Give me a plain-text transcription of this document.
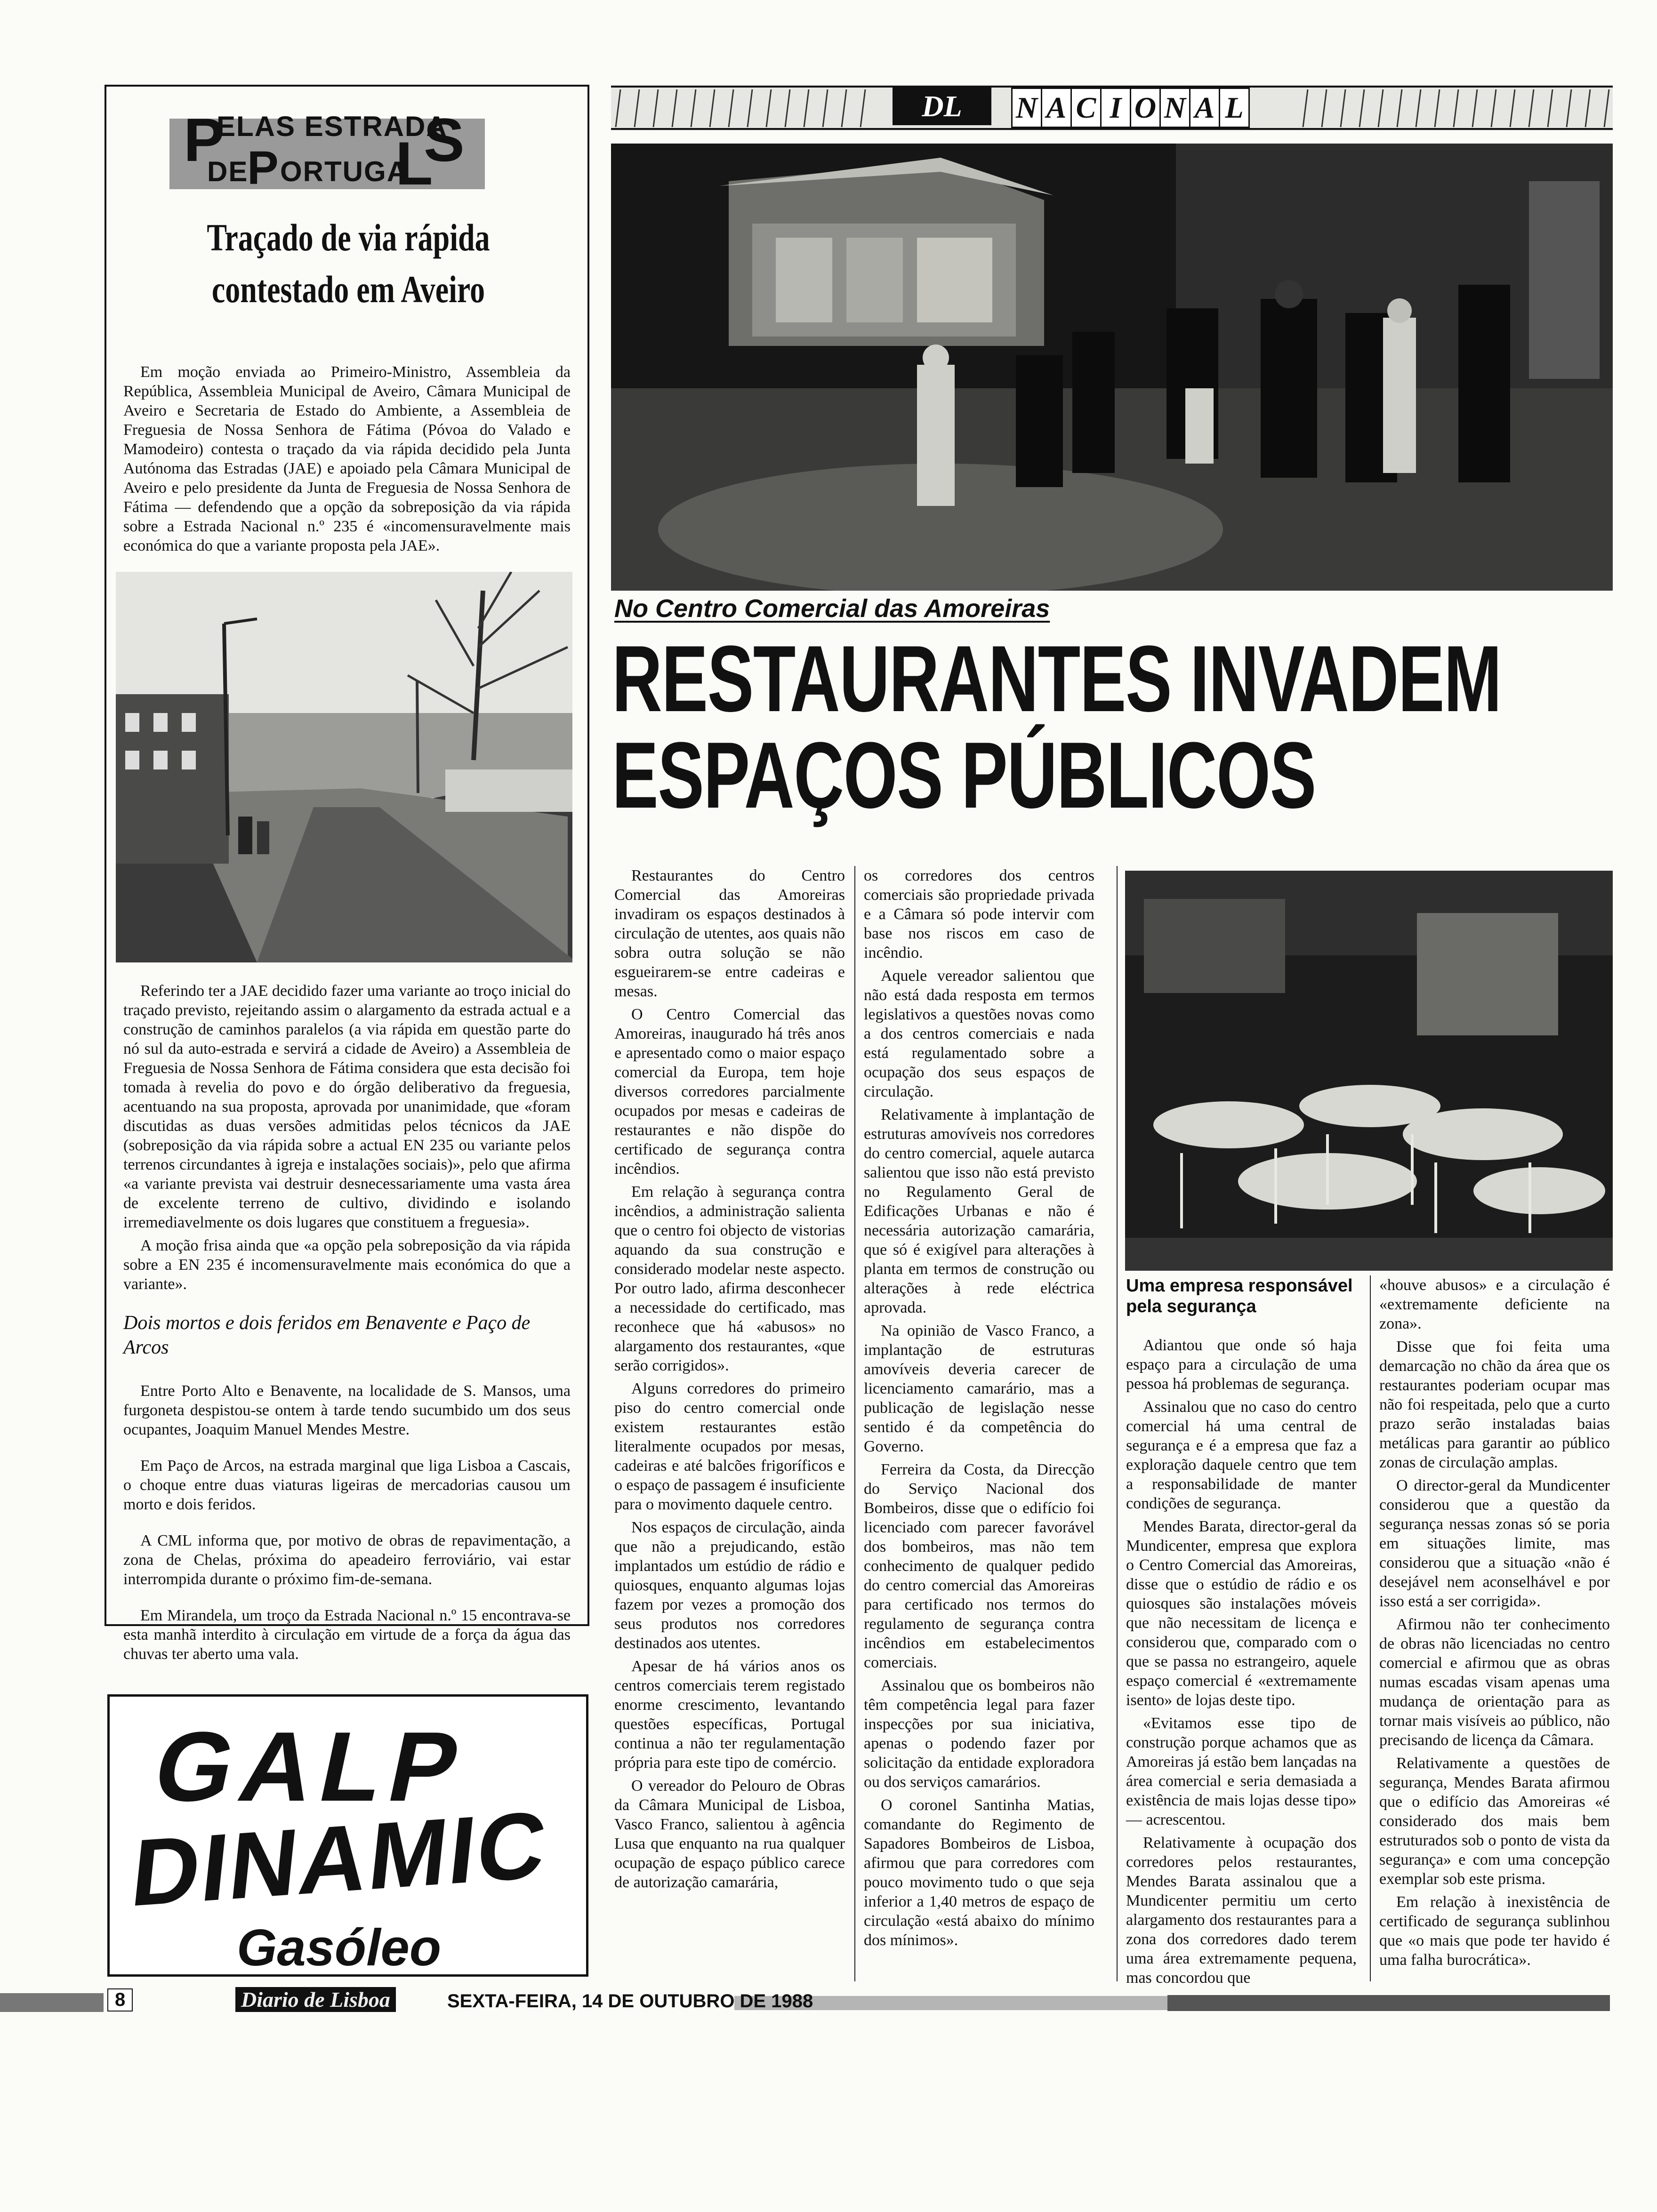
P
ELAS ESTRADA
S
DE
P ORTUGA
L
Traçado de via rápida contestado em Aveiro
Em moção enviada ao Primeiro-Ministro, Assembleia da República, Assembleia Municipal de Aveiro, Câmara Municipal de Aveiro e Secretaria de Estado do Ambiente, a Assembleia de Freguesia de Nossa Senhora de Fátima (Póvoa do Valado e Mamodeiro) contesta o traçado da via rápida decidido pela Junta Autónoma das Estradas (JAE) e apoiado pela Câmara Municipal de Aveiro e pelo presidente da Junta de Freguesia de Nossa Senhora de Fátima — defendendo que a opção da sobreposição da via rápida sobre a Estrada Nacional n.º 235 é «incomensuravelmente mais económica do que a variante proposta pela JAE».

Referindo ter a JAE decidido fazer uma variante ao troço inicial do traçado previsto, rejeitando assim o alargamento da estrada actual e a construção de caminhos paralelos (a via rápida em questão parte do nó sul da auto-estrada e servirá a cidade de Aveiro) a Assembleia de Freguesia de Nossa Senhora de Fátima considera que esta decisão foi tomada à revelia do povo e do órgão deliberativo da freguesia, acentuando na sua proposta, aprovada por unanimidade, que «foram discutidas as duas versões admitidas pelos técnicos da JAE (sobreposição da via rápida sobre a actual EN 235 ou variante pelos terrenos circundantes à igreja e instalações sociais)», pelo que afirma «a variante prevista vai destruir desnecessariamente uma vasta área de excelente terreno de cultivo, dividindo e isolando irremediavelmente os dois lugares que constituem a freguesia».

A moção frisa ainda que «a opção pela sobreposição da via rápida sobre a EN 235 é incomensuravelmente mais económica do que a variante».

Dois mortos e dois feridos em Benavente e Paço de Arcos

Entre Porto Alto e Benavente, na localidade de S. Mansos, uma furgoneta despistou-se ontem à tarde tendo sucumbido um dos seus ocupantes, Joaquim Manuel Mendes Mestre.

Em Paço de Arcos, na estrada marginal que liga Lisboa a Cascais, o choque entre duas viaturas ligeiras de mercadorias causou um morto e dois feridos.

A CML informa que, por motivo de obras de repavimentação, a zona de Chelas, próxima do apeadeiro ferroviário, vai estar interrompida durante o próximo fim-de-semana.

Em Mirandela, um troço da Estrada Nacional n.º 15 encontrava-se esta manhã interdito à circulação em virtude de a força da água das chuvas ter aberto uma vala.

GALP
DINAMIC
Gasóleo
8	Diario de Lisboa	SEXTA-FEIRA, 14 DE OUTUBRO DE 1988
DL	N A C I O N A L
No Centro Comercial das Amoreiras
RESTAURANTES INVADEM
ESPAÇOS PÚBLICOS

Restaurantes do Centro Comercial das Amoreiras invadiram os espaços destinados à circulação de utentes, aos quais não sobra outra solução se não esgueirarem-se entre cadeiras e mesas.

O Centro Comercial das Amoreiras, inaugurado há três anos e apresentado como o maior espaço comercial da Europa, tem hoje diversos corredores parcialmente ocupados por mesas e cadeiras de restaurantes e não dispõe do certificado de segurança contra incêndios.

Em relação à segurança contra incêndios, a administração salienta que o centro foi objecto de vistorias aquando da sua construção e considerado modelar neste aspecto. Por outro lado, afirma desconhecer a necessidade do certificado, mas reconhece que há «abusos» no alargamento dos restaurantes, «que serão corrigidos».

Alguns corredores do primeiro piso do centro comercial onde existem restaurantes estão literalmente ocupados por mesas, cadeiras e até balcões frigoríficos e o espaço de passagem é insuficiente para o movimento daquele centro.

Nos espaços de circulação, ainda que não a prejudicando, estão implantados um estúdio de rádio e quiosques, enquanto algumas lojas fazem por vezes a promoção dos seus produtos nos corredores destinados aos utentes.

Apesar de há vários anos os centros comerciais terem registado enorme crescimento, levantando questões específicas, Portugal continua a não ter regulamentação própria para este tipo de comércio.

O vereador do Pelouro de Obras da Câmara Municipal de Lisboa, Vasco Franco, salientou à agência Lusa que enquanto na rua qualquer ocupação de espaço público carece de autorização camarária,

os corredores dos centros comerciais são propriedade privada e a Câmara só pode intervir com base nos riscos em caso de incêndio.

Aquele vereador salientou que não está dada resposta em termos legislativos a questões novas como a dos centros comerciais e nada está regulamentado sobre a ocupação dos seus espaços de circulação.

Relativamente à implantação de estruturas amovíveis nos corredores do centro comercial, aquele autarca salientou que isso não está previsto no Regulamento Geral de Edificações Urbanas e não é necessária autorização camarária, que só é exigível para alterações à planta em termos de construção ou alterações à rede eléctrica aprovada.

Na opinião de Vasco Franco, a implantação de estruturas amovíveis deveria carecer de licenciamento camarário, mas a publicação de legislação nesse sentido é da competência do Governo.

Ferreira da Costa, da Direcção do Serviço Nacional dos Bombeiros, disse que o edifício foi licenciado com parecer favorável dos bombeiros, mas não tem conhecimento de qualquer pedido do centro comercial das Amoreiras para certificado nos termos do regulamento de segurança contra incêndios em estabelecimentos comerciais.

Assinalou que os bombeiros não têm competência legal para fazer inspecções por sua iniciativa, apenas o podendo fazer por solicitação da entidade exploradora ou dos serviços camarários.

O coronel Santinha Matias, comandante do Regimento de Sapadores Bombeiros de Lisboa, afirmou que para corredores com pouco movimento tudo o que seja inferior a 1,40 metros de espaço de circulação «está abaixo do mínimo dos mínimos».

Uma empresa responsável pela segurança

Adiantou que onde só haja espaço para a circulação de uma pessoa há problemas de segurança.

Assinalou que no caso do centro comercial há uma central de segurança e é a empresa que faz a exploração daquele centro que tem a responsabilidade de manter condições de segurança.

Mendes Barata, director-geral da Mundicenter, empresa que explora o Centro Comercial das Amoreiras, disse que o estúdio de rádio e os quiosques são instalações móveis que não necessitam de licença e considerou que, comparado com o que se passa no estrangeiro, aquele espaço comercial é «extremamente isento» de lojas deste tipo.

«Evitamos esse tipo de construção porque achamos que as Amoreiras já estão bem lançadas na área comercial e seria demasiada a existência de mais lojas desse tipo» — acrescentou.

Relativamente à ocupação dos corredores pelos restaurantes, Mendes Barata assinalou que a Mundicenter permitiu um certo alargamento dos restaurantes para a zona dos corredores dado terem uma área extremamente pequena, mas concordou que

«houve abusos» e a circulação é «extremamente deficiente na zona».

Disse que foi feita uma demarcação no chão da área que os restaurantes poderiam ocupar mas não foi respeitada, pelo que a curto prazo serão instaladas baias metálicas para garantir ao público zonas de circulação amplas.

O director-geral da Mundicenter considerou que a questão da segurança nessas zonas só se poria em situações limite, mas considerou que a situação «não é desejável nem aconselhável e por isso está a ser corrigida».

Afirmou não ter conhecimento de obras não licenciadas no centro comercial e afirmou que as obras numas escadas visam apenas uma mudança de orientação para as tornar mais visíveis ao público, não precisando de licença da Câmara.

Relativamente a questões de segurança, Mendes Barata afirmou que o edifício das Amoreiras «é considerado dos mais bem estruturados sob o ponto de vista da segurança» e com uma concepção exemplar sob este prisma.

Em relação à inexistência de certificado de segurança sublinhou que «o mais que pode ter havido é uma falha burocrática».
